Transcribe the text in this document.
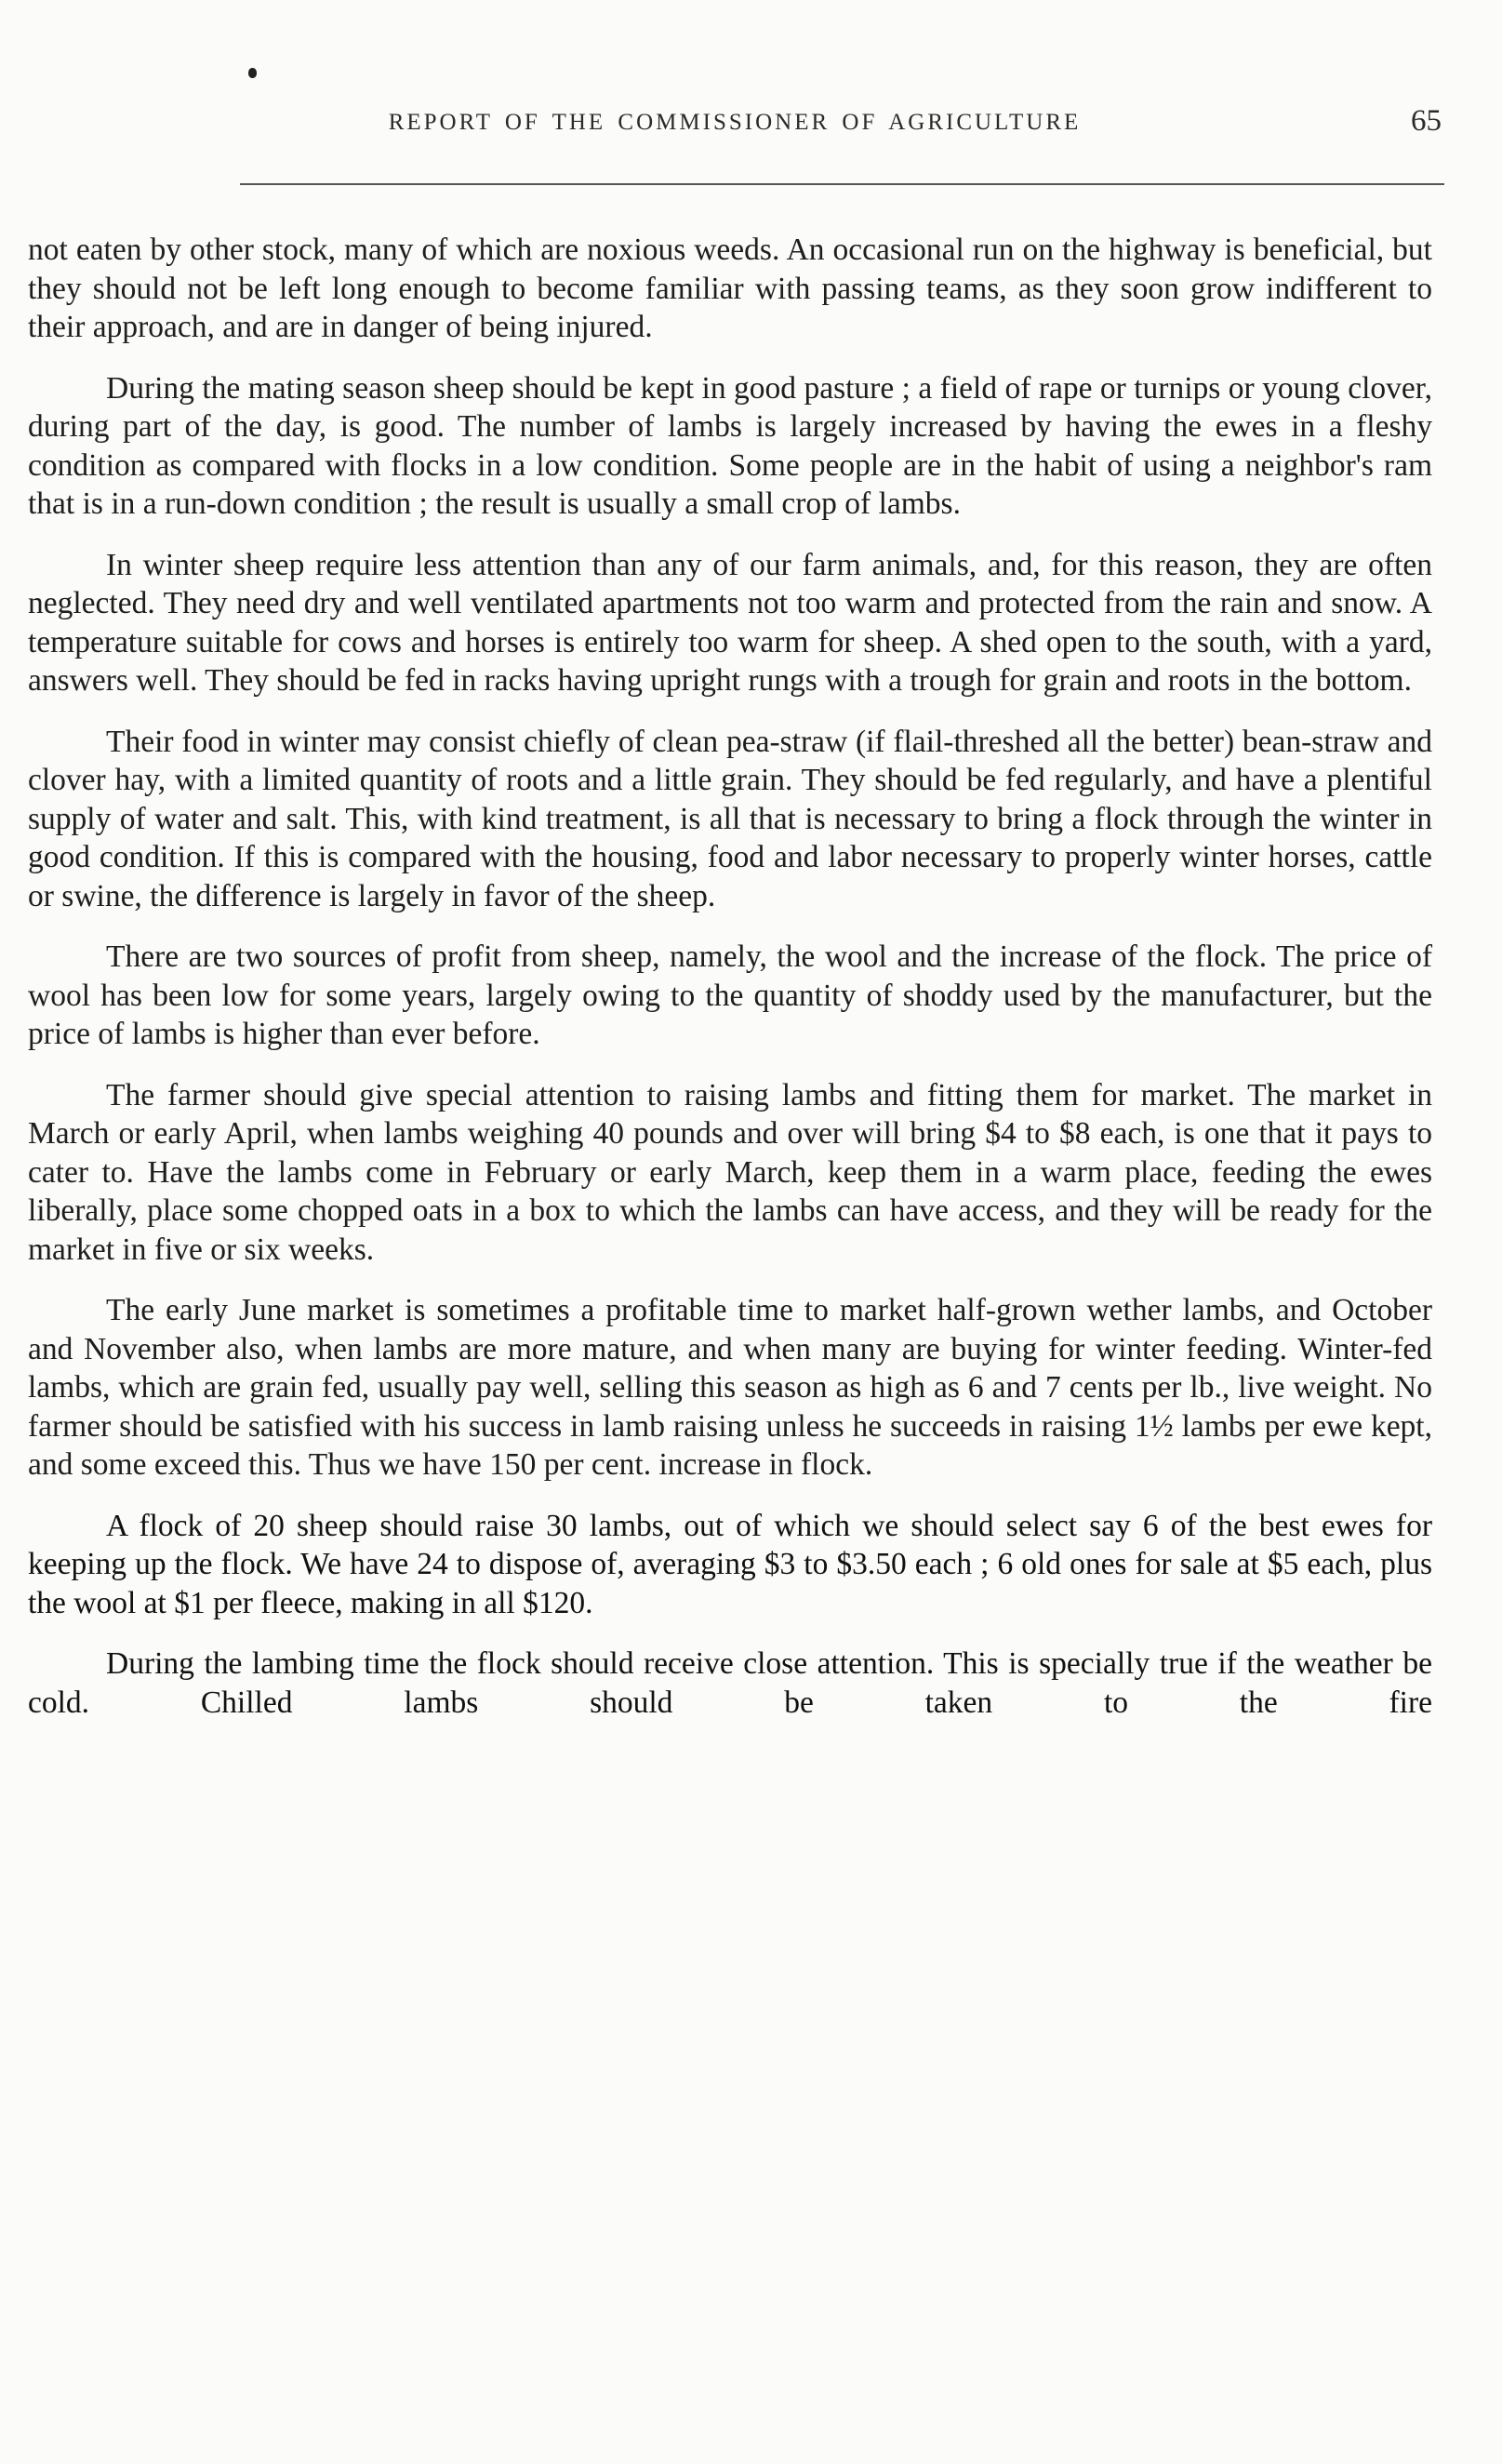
REPORT OF THE COMMISSIONER OF AGRICULTURE	65

not eaten by other stock, many of which are noxious weeds. An occasional run on the highway is beneficial, but they should not be left long enough to become familiar with passing teams, as they soon grow indifferent to their approach, and are in danger of being injured.

During the mating season sheep should be kept in good pasture ; a field of rape or turnips or young clover, during part of the day, is good. The number of lambs is largely increased by having the ewes in a fleshy condition as compared with flocks in a low condition. Some people are in the habit of using a neighbor's ram that is in a run-down condition ; the result is usually a small crop of lambs.

In winter sheep require less attention than any of our farm animals, and, for this reason, they are often neglected. They need dry and well ventilated apartments not too warm and protected from the rain and snow. A temperature suitable for cows and horses is entirely too warm for sheep. A shed open to the south, with a yard, answers well. They should be fed in racks having upright rungs with a trough for grain and roots in the bottom.

Their food in winter may consist chiefly of clean pea-straw (if flail-threshed all the better) bean-straw and clover hay, with a limited quantity of roots and a little grain. They should be fed regularly, and have a plentiful supply of water and salt. This, with kind treatment, is all that is necessary to bring a flock through the winter in good condition. If this is compared with the housing, food and labor necessary to properly winter horses, cattle or swine, the difference is largely in favor of the sheep.

There are two sources of profit from sheep, namely, the wool and the increase of the flock. The price of wool has been low for some years, largely owing to the quantity of shoddy used by the manufacturer, but the price of lambs is higher than ever before.

The farmer should give special attention to raising lambs and fitting them for market. The market in March or early April, when lambs weighing 40 pounds and over will bring $4 to $8 each, is one that it pays to cater to. Have the lambs come in February or early March, keep them in a warm place, feeding the ewes liberally, place some chopped oats in a box to which the lambs can have access, and they will be ready for the market in five or six weeks.

The early June market is sometimes a profitable time to market half-grown wether lambs, and October and November also, when lambs are more mature, and when many are buying for winter feeding. Winter-fed lambs, which are grain fed, usually pay well, selling this season as high as 6 and 7 cents per lb., live weight. No farmer should be satisfied with his success in lamb raising unless he succeeds in raising 1½ lambs per ewe kept, and some exceed this. Thus we have 150 per cent. increase in flock.

A flock of 20 sheep should raise 30 lambs, out of which we should select say 6 of the best ewes for keeping up the flock. We have 24 to dispose of, averaging $3 to $3.50 each ; 6 old ones for sale at $5 each, plus the wool at $1 per fleece, making in all $120.

During the lambing time the flock should receive close attention. This is specially true if the weather be cold. Chilled lambs should be taken to the fire
